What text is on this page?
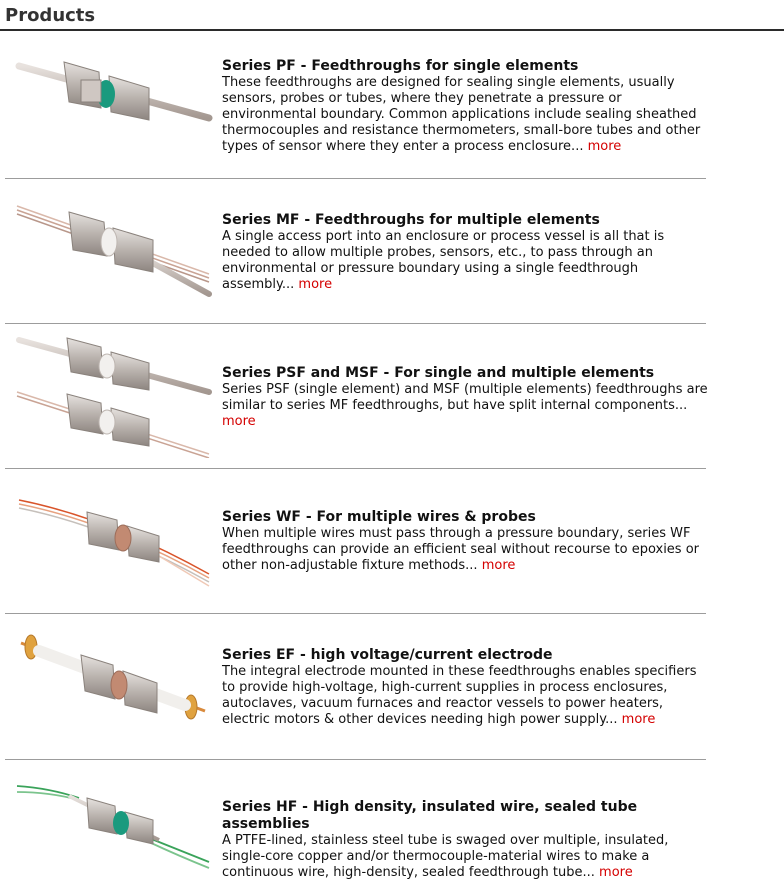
Products
Series PF - Feedthroughs for single elements

These feedthroughs are designed for sealing single elements, usually sensors, probes or tubes, where they penetrate a pressure or environmental boundary. Common applications include sealing sheathed thermocouples and resistance thermometers, small-bore tubes and other types of sensor where they enter a process enclosure... more

Series MF - Feedthroughs for multiple elements

A single access port into an enclosure or process vessel is all that is needed to allow multiple probes, sensors, etc., to pass through an environmental or pressure boundary using a single feedthrough assembly... more

Series PSF and MSF - For single and multiple elements

Series PSF (single element) and MSF (multiple elements) feedthroughs are similar to series MF feedthroughs, but have split internal components... more

Series WF - For multiple wires & probes

When multiple wires must pass through a pressure boundary, series WF feedthroughs can provide an efficient seal without recourse to epoxies or other non-adjustable fixture methods... more

Series EF - high voltage/current electrode

The integral electrode mounted in these feedthroughs enables specifiers to provide high-voltage, high-current supplies in process enclosures, autoclaves, vacuum furnaces and reactor vessels to power heaters, electric motors & other devices needing high power supply... more

Series HF - High density, insulated wire, sealed tube assemblies

A PTFE-lined, stainless steel tube is swaged over multiple, insulated, single-core copper and/or thermocouple-material wires to make a continuous wire, high-density, sealed feedthrough tube... more
